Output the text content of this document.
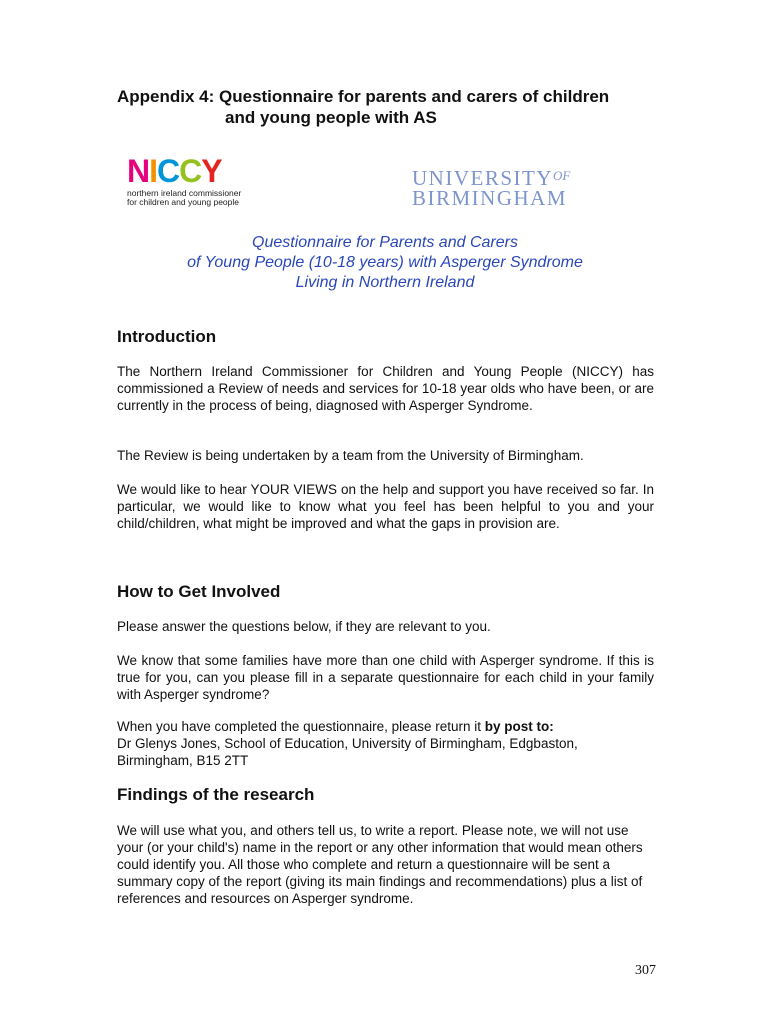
Appendix 4: Questionnaire for parents and carers of children
and young people with AS
NICCY
northern ireland commissioner
for children and young people
$UNIVERSITY^{OF}$
BIRMINGHAM
Questionnaire for Parents and Carers
of Young People (10-18 years) with Asperger Syndrome
Living in Northern Ireland
Introduction

The Northern Ireland Commissioner for Children and Young People (NICCY) has commissioned a Review of needs and services for 10-18 year olds who have been, or are currently in the process of being, diagnosed with Asperger Syndrome.

The Review is being undertaken by a team from the University of Birmingham.

We would like to hear YOUR VIEWS on the help and support you have received so far. In particular, we would like to know what you feel has been helpful to you and your child/children, what might be improved and what the gaps in provision are.

How to Get Involved

Please answer the questions below, if they are relevant to you.

We know that some families have more than one child with Asperger syndrome. If this is true for you, can you please fill in a separate questionnaire for each child in your family with Asperger syndrome?

When you have completed the questionnaire, please return it by post to:
Dr Glenys Jones, School of Education, University of Birmingham, Edgbaston, Birmingham, B15 2TT

Findings of the research

We will use what you, and others tell us, to write a report. Please note, we will not use your (or your child's) name in the report or any other information that would mean others could identify you. All those who complete and return a questionnaire will be sent a summary copy of the report (giving its main findings and recommendations) plus a list of references and resources on Asperger syndrome.

307
